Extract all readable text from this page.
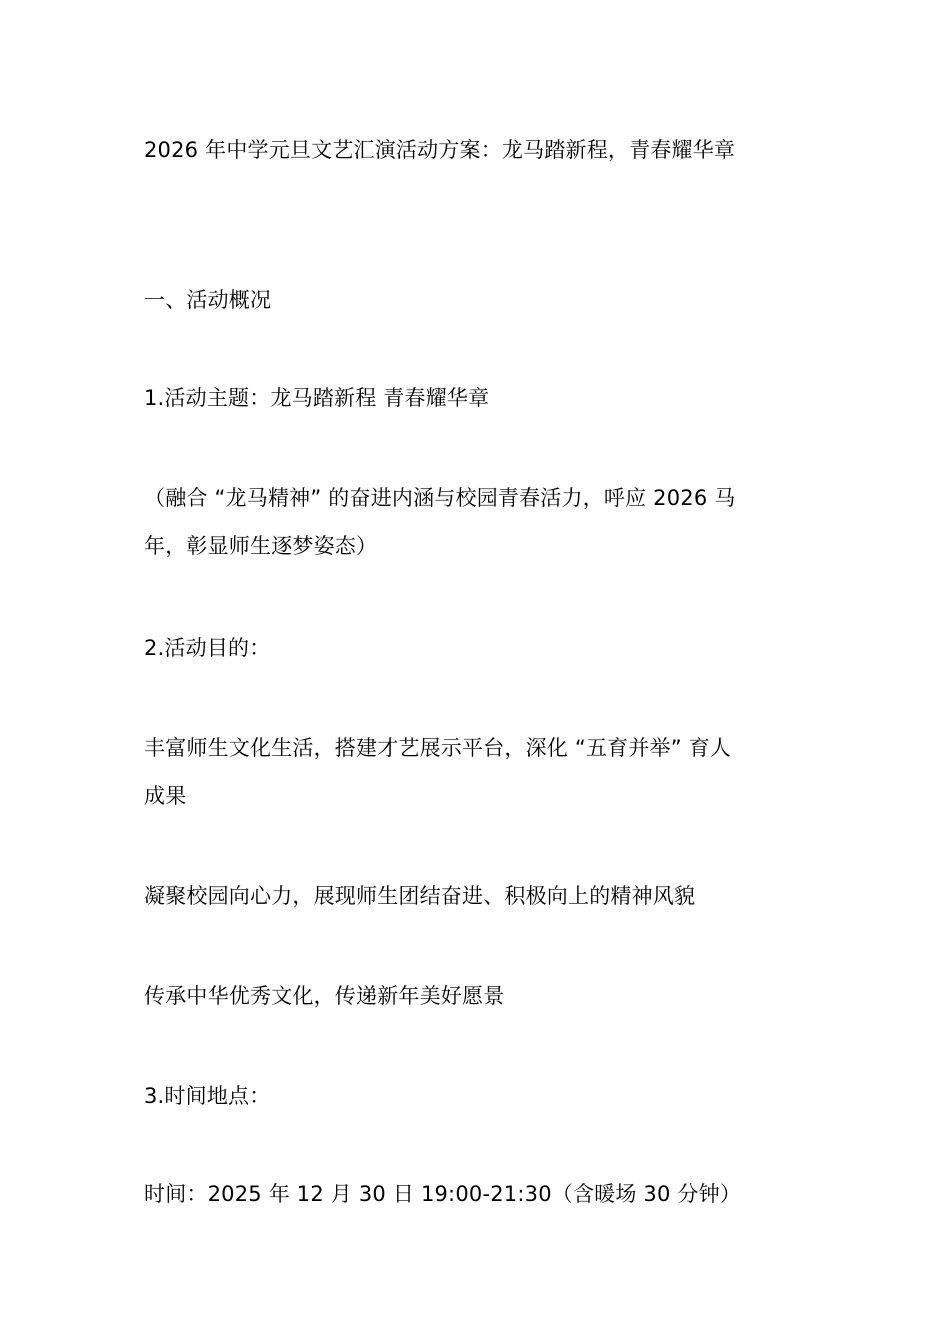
2026 年中学元旦文艺汇演活动方案：龙马踏新程，青春耀华章
一、活动概况
1.活动主题：龙马踏新程 青春耀华章
（融合 “龙马精神” 的奋进内涵与校园青春活力，呼应 2026 马
年，彰显师生逐梦姿态）
2.活动目的：
丰富师生文化生活，搭建才艺展示平台，深化 “五育并举” 育人
成果
凝聚校园向心力，展现师生团结奋进、积极向上的精神风貌
传承中华优秀文化，传递新年美好愿景
3.时间地点：
时间：2025 年 12 月 30 日 19:00-21:30（含暖场 30 分钟）
